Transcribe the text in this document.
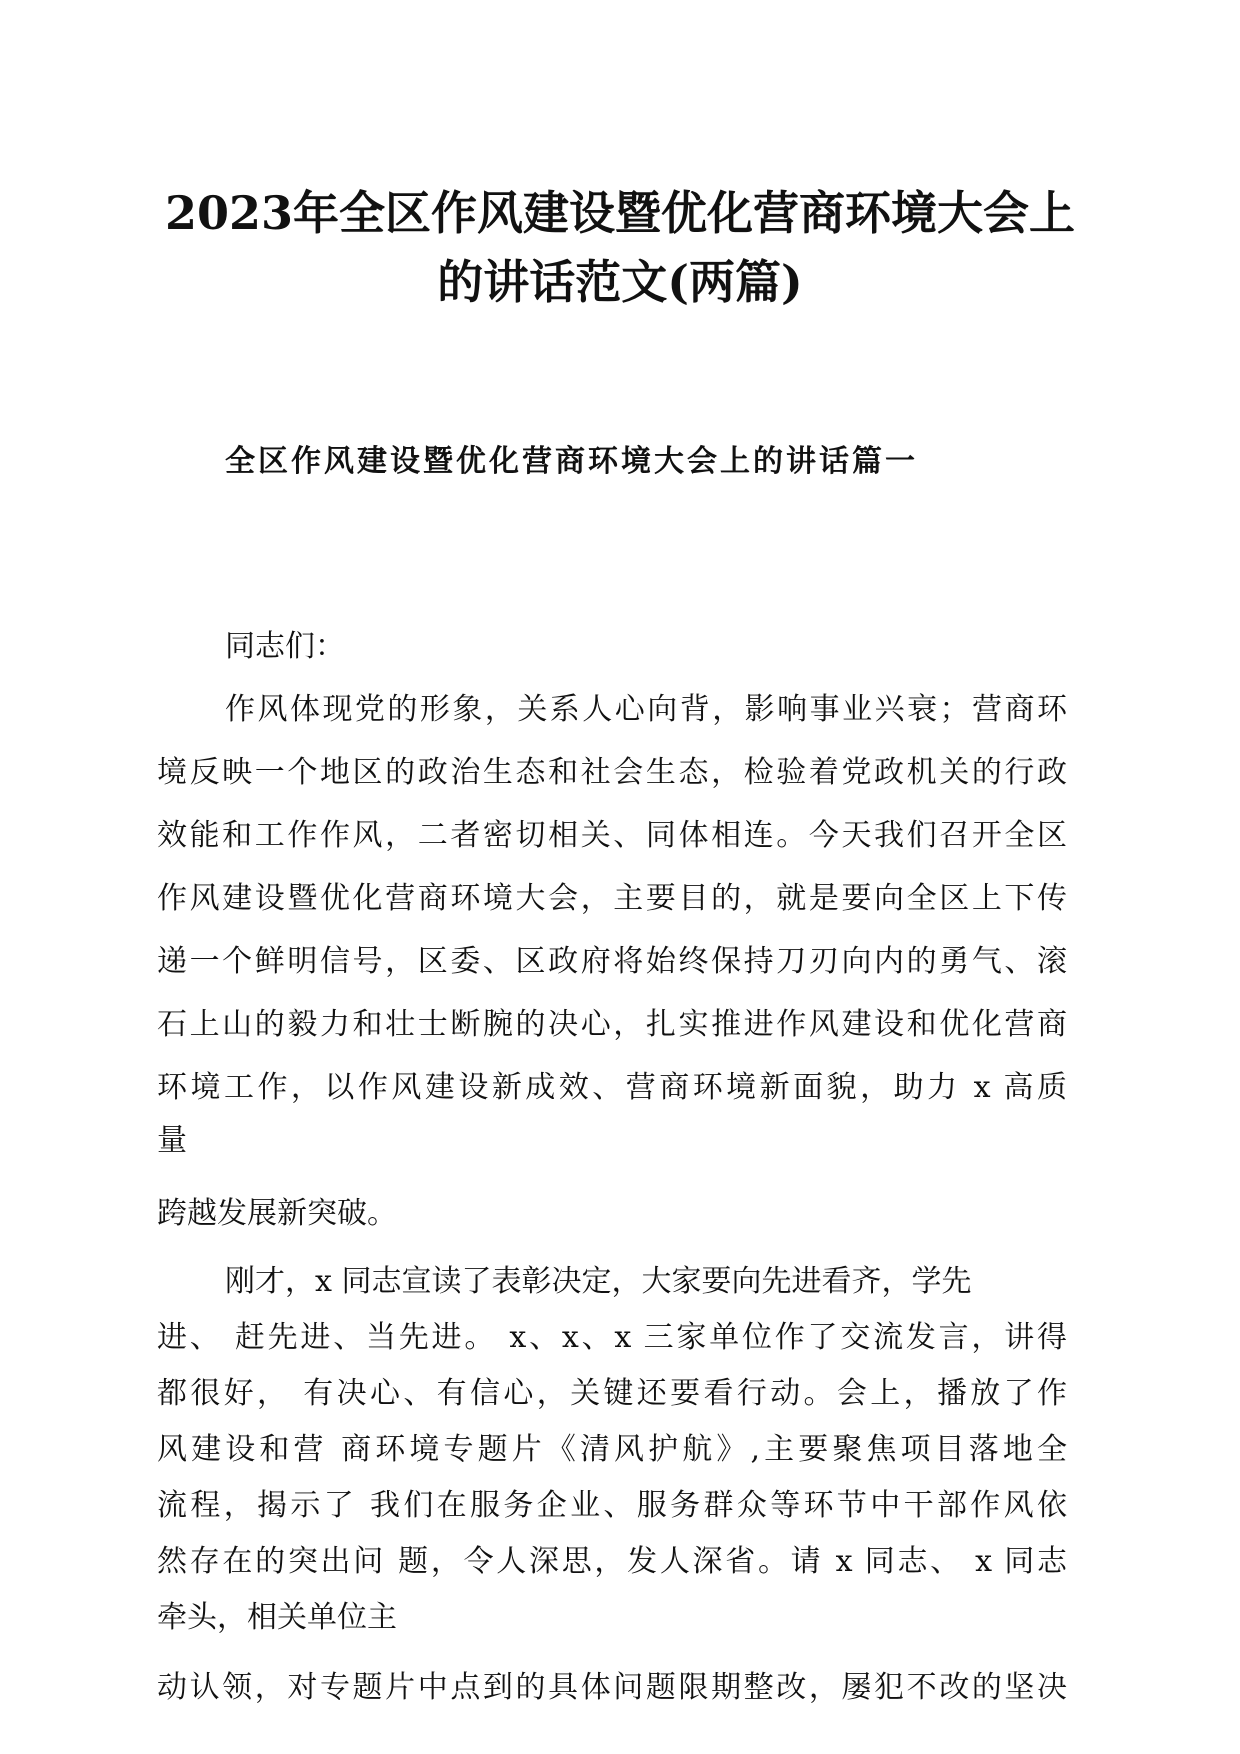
2023年全区作风建设暨优化营商环境大会上
的讲话范文(两篇)
全区作风建设暨优化营商环境大会上的讲话篇一

同志们：

作风体现党的形象，关系人心向背，影响事业兴衰；营商环

境反映一个地区的政治生态和社会生态，检验着党政机关的行政

效能和工作作风，二者密切相关、同体相连。今天我们召开全区

作风建设暨优化营商环境大会，主要目的，就是要向全区上下传

递一个鲜明信号，区委、区政府将始终保持刀刃向内的勇气、滚

石上山的毅力和壮士断腕的决心，扎实推进作风建设和优化营商

环境工作，以作风建设新成效、营商环境新面貌，助力 x 高质

量

跨越发展新突破。

刚才，x 同志宣读了表彰决定，大家要向先进看齐，学先

进、 赶先进、当先进。 x、x、x 三家单位作了交流发言，讲得

都很好， 有决心、有信心，关键还要看行动。会上，播放了作

风建设和营 商环境专题片《清风护航》,主要聚焦项目落地全

流程，揭示了 我们在服务企业、服务群众等环节中干部作风依

然存在的突出问 题，令人深思，发人深省。请 x 同志、 x 同志

牵头，相关单位主

动认领，对专题片中点到的具体问题限期整改，屡犯不改的坚决
